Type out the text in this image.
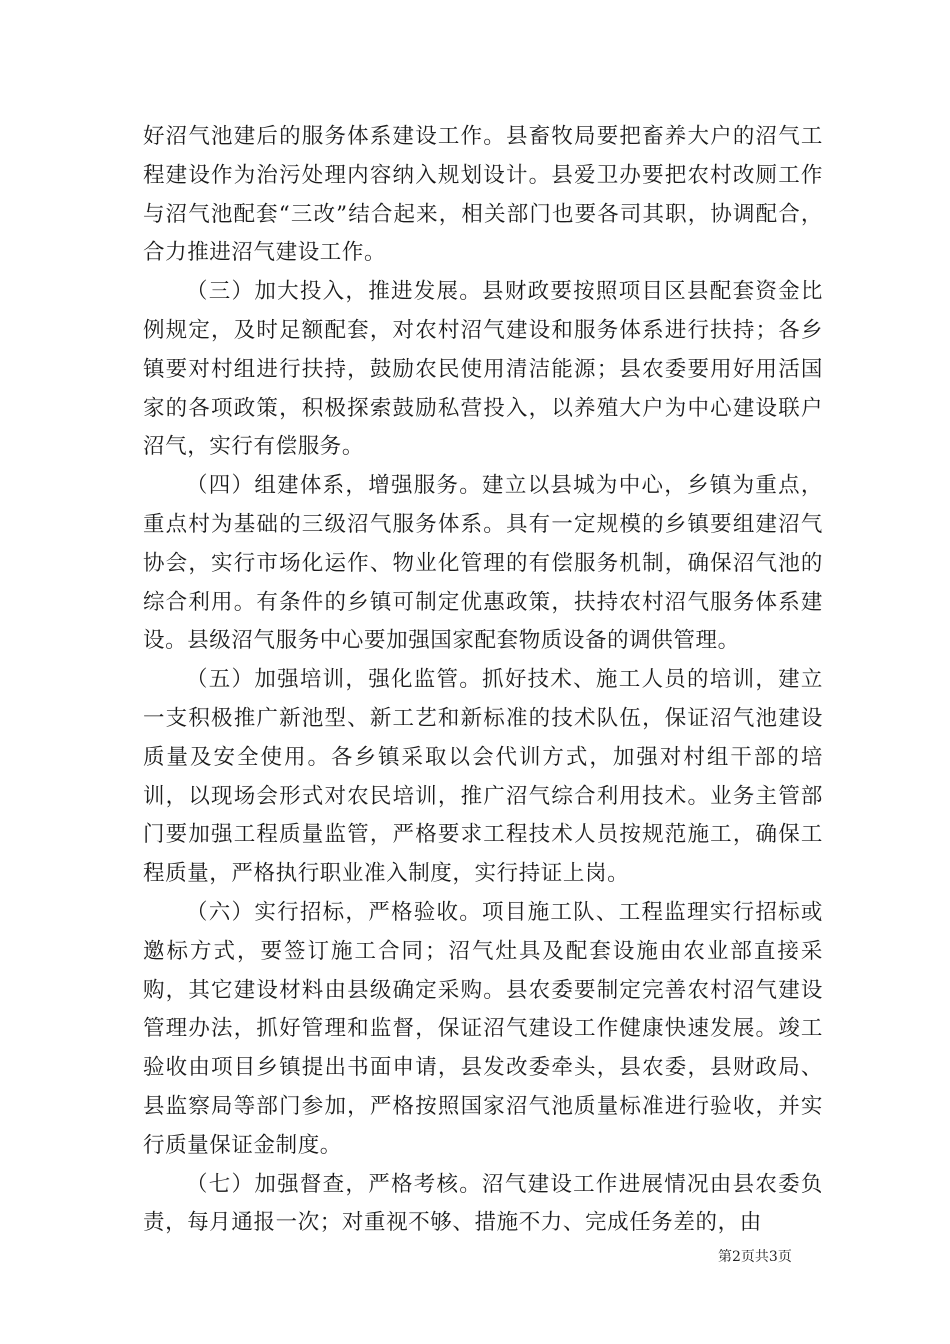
好沼气池建后的服务体系建设工作。县畜牧局要把畜养大户的沼气工程建设作为治污处理内容纳入规划设计。县爱卫办要把农村改厕工作与沼气池配套“三改”结合起来，相关部门也要各司其职，协调配合，合力推进沼气建设工作。

（三）加大投入，推进发展。县财政要按照项目区县配套资金比例规定，及时足额配套，对农村沼气建设和服务体系进行扶持；各乡镇要对村组进行扶持，鼓励农民使用清洁能源；县农委要用好用活国家的各项政策，积极探索鼓励私营投入，以养殖大户为中心建设联户沼气，实行有偿服务。

（四）组建体系，增强服务。建立以县城为中心，乡镇为重点，重点村为基础的三级沼气服务体系。具有一定规模的乡镇要组建沼气协会，实行市场化运作、物业化管理的有偿服务机制，确保沼气池的综合利用。有条件的乡镇可制定优惠政策，扶持农村沼气服务体系建设。县级沼气服务中心要加强国家配套物质设备的调供管理。

（五）加强培训，强化监管。抓好技术、施工人员的培训，建立一支积极推广新池型、新工艺和新标准的技术队伍，保证沼气池建设质量及安全使用。各乡镇采取以会代训方式，加强对村组干部的培训，以现场会形式对农民培训，推广沼气综合利用技术。业务主管部门要加强工程质量监管，严格要求工程技术人员按规范施工，确保工程质量，严格执行职业准入制度，实行持证上岗。

（六）实行招标，严格验收。项目施工队、工程监理实行招标或邀标方式，要签订施工合同；沼气灶具及配套设施由农业部直接采购，其它建设材料由县级确定采购。县农委要制定完善农村沼气建设管理办法，抓好管理和监督，保证沼气建设工作健康快速发展。竣工验收由项目乡镇提出书面申请，县发改委牵头，县农委，县财政局、县监察局等部门参加，严格按照国家沼气池质量标准进行验收，并实行质量保证金制度。

（七）加强督查，严格考核。沼气建设工作进展情况由县农委负责，每月通报一次；对重视不够、措施不力、完成任务差的，由

第2页共3页
